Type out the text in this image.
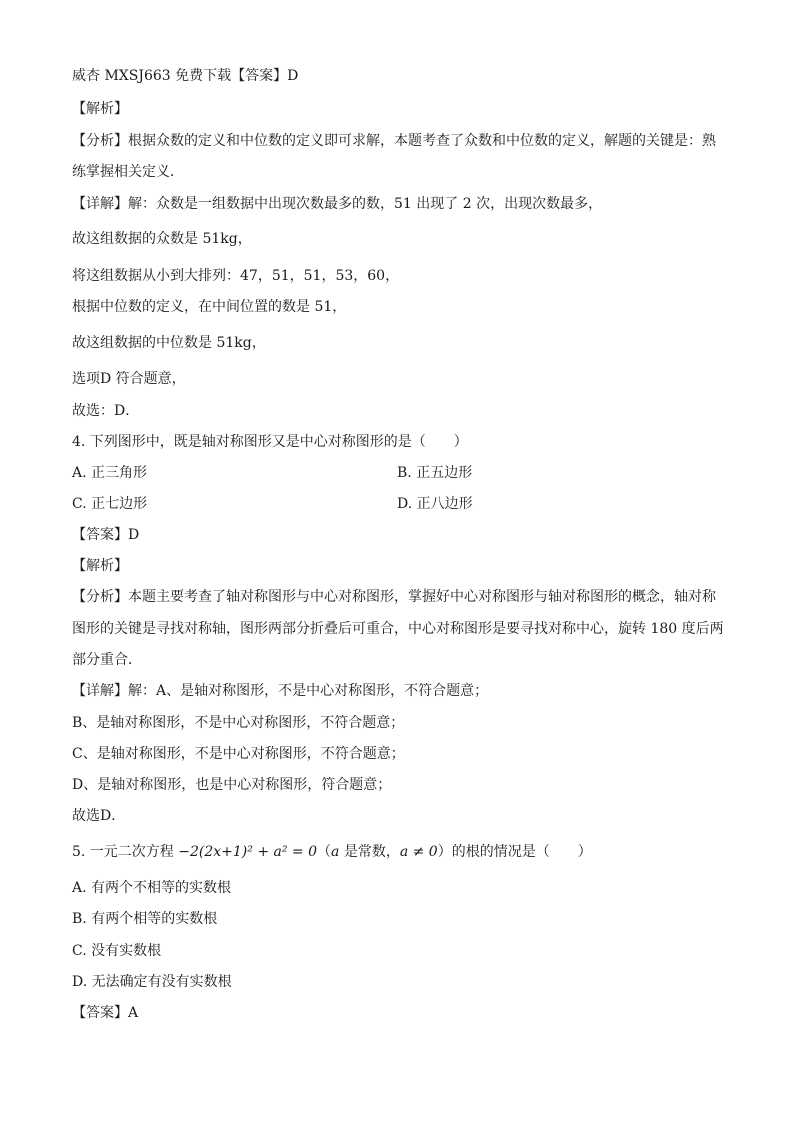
威杏 MXSJ663 免费下载【答案】D
【解析】
【分析】根据众数的定义和中位数的定义即可求解，本题考查了众数和中位数的定义，解题的关键是：熟
练掌握相关定义．
【详解】解：众数是一组数据中出现次数最多的数，51 出现了 2 次，出现次数最多，
故这组数据的众数是 51kg，
将这组数据从小到大排列：47，51，51，53，60，
根据中位数的定义，在中间位置的数是 51，
故这组数据的中位数是 51kg，
选项D 符合题意，
故选：D．
4. 下列图形中，既是轴对称图形又是中心对称图形的是（　　）
A. 正三角形	B. 正五边形
C. 正七边形	D. 正八边形
【答案】D
【解析】
【分析】本题主要考查了轴对称图形与中心对称图形，掌握好中心对称图形与轴对称图形的概念，轴对称
图形的关键是寻找对称轴，图形两部分折叠后可重合，中心对称图形是要寻找对称中心，旋转 180 度后两
部分重合．
【详解】解：A、是轴对称图形，不是中心对称图形，不符合题意；
B、是轴对称图形，不是中心对称图形，不符合题意；
C、是轴对称图形，不是中心对称图形，不符合题意；
D、是轴对称图形，也是中心对称图形，符合题意；
故选D．
5. 一元二次方程 −2(2x+1)² + a² = 0（a 是常数，a ≠ 0）的根的情况是（　　）
A. 有两个不相等的实数根
B. 有两个相等的实数根
C. 没有实数根
D. 无法确定有没有实数根
【答案】A
